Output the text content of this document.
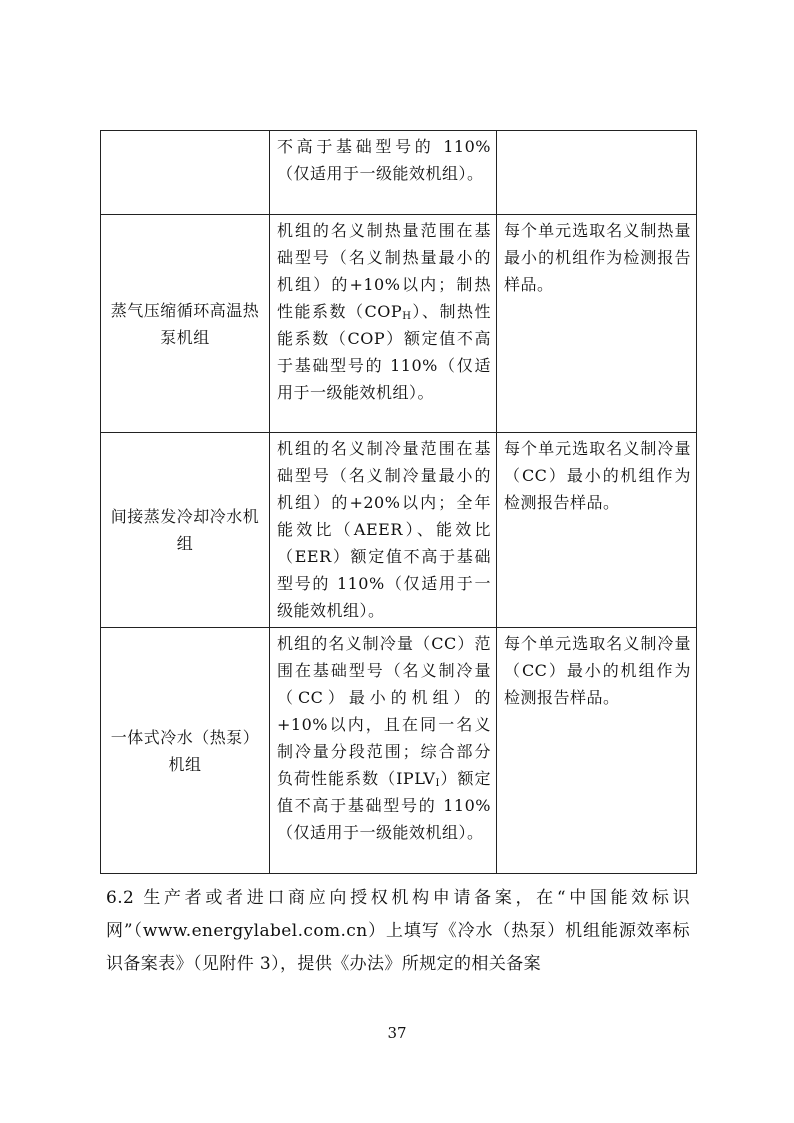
	不高于基础型号的 110%（仅适用于一级能效机组）。	

蒸气压缩循环高温热泵机组	机组的名义制热量范围在基础型号（名义制热量最小的机组）的+10%以内；制热性能系数$(COP_H)$、制热性能系数（COP）额定值不高于基础型号的 110%（仅适用于一级能效机组）。	每个单元选取名义制热量最小的机组作为检测报告样品。

间接蒸发冷却冷水机组	机组的名义制冷量范围在基础型号（名义制冷量最小的机组）的+20%以内；全年能效比（AEER）、能效比（EER）额定值不高于基础型号的 110%（仅适用于一级能效机组）。	每个单元选取名义制冷量（CC）最小的机组作为检测报告样品。

一体式冷水（热泵）机组	机组的名义制冷量（CC）范围在基础型号（名义制冷量（CC）最小的机组）的+10%以内，且在同一名义制冷量分段范围；综合部分负荷性能系数$(IPLV_I)$额定值不高于基础型号的 110%（仅适用于一级能效机组）。	每个单元选取名义制冷量（CC）最小的机组作为检测报告样品。
6.2 生产者或者进口商应向授权机构申请备案，在“中国能效标识网”（www.energylabel.com.cn）上填写《冷水（热泵）机组能源效率标识备案表》（见附件 3），提供《办法》所规定的相关备案
37
